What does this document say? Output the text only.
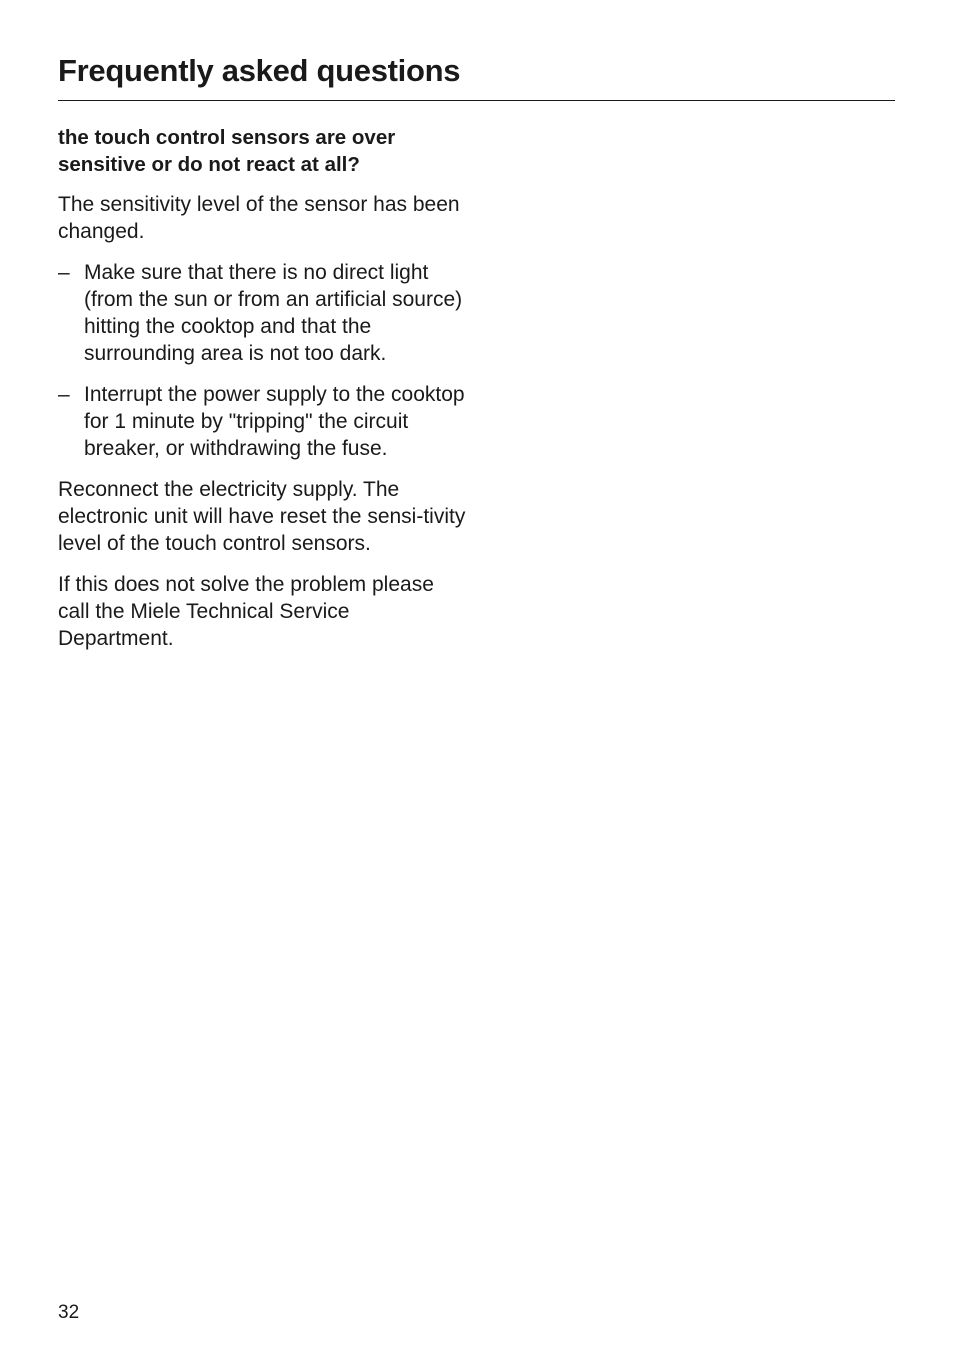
Frequently asked questions

the touch control sensors are over sensitive or do not react at all?

The sensitivity level of the sensor has been changed.

– Make sure that there is no direct light (from the sun or from an artificial source) hitting the cooktop and that the surrounding area is not too dark.
– Interrupt the power supply to the cooktop for 1 minute by "tripping" the circuit breaker, or withdrawing the fuse.

Reconnect the electricity supply. The electronic unit will have reset the sensi-tivity level of the touch control sensors.

If this does not solve the problem please call the Miele Technical Service Department.

32
